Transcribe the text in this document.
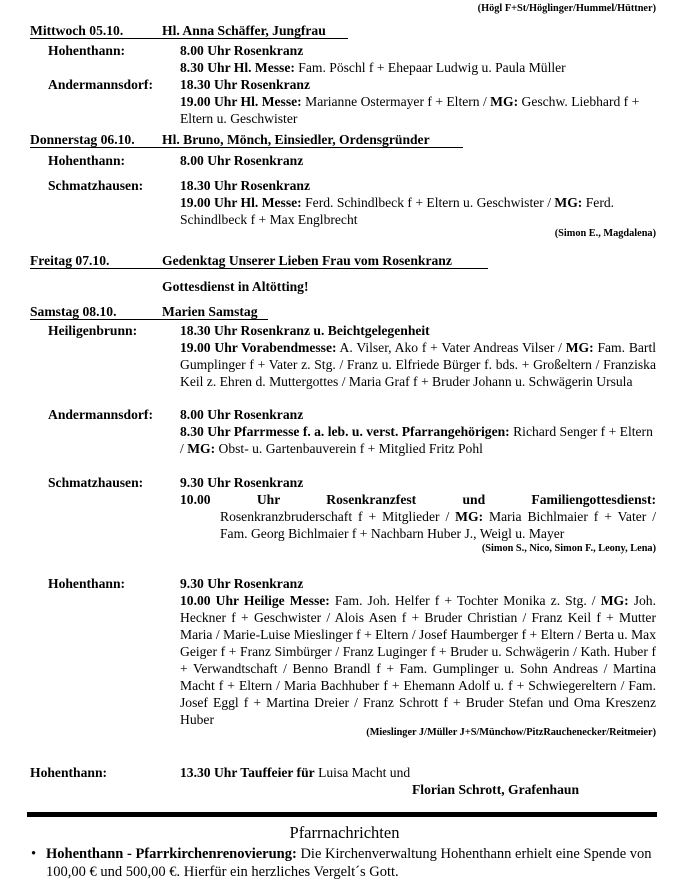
(Högl F+St/Höglinger/Hummel/Hüttner)
Mittwoch 05.10.	Hl. Anna Schäffer, Jungfrau
Hohenthann:	8.00 Uhr Rosenkranz
8.30 Uhr Hl. Messe: Fam. Pöschl f + Ehepaar Ludwig u. Paula Müller
Andermannsdorf: 18.30 Uhr Rosenkranz
19.00 Uhr Hl. Messe: Marianne Ostermayer f + Eltern / MG: Geschw. Liebhard f + Eltern u. Geschwister
Donnerstag 06.10. Hl. Bruno, Mönch, Einsiedler, Ordensgründer
Hohenthann:	8.00 Uhr Rosenkranz
Schmatzhausen:	18.30 Uhr Rosenkranz
19.00 Uhr Hl. Messe: Ferd. Schindlbeck f + Eltern u. Geschwister / MG: Ferd. Schindlbeck f + Max Englbrecht
(Simon E., Magdalena)
Freitag 07.10.	Gedenktag Unserer Lieben Frau vom Rosenkranz
Gottesdienst in Altötting!
Samstag 08.10.	Marien Samstag
Heiligenbrunn:	18.30 Uhr Rosenkranz u. Beichtgelegenheit
19.00 Uhr Vorabendmesse: A. Vilser, Ako f + Vater Andreas Vilser / MG: Fam. Bartl Gumplinger f + Vater z. Stg. / Franz u. Elfriede Bürger f. bds. + Großeltern / Franziska Keil z. Ehren d. Muttergottes / Maria Graf f + Bruder Johann u. Schwägerin Ursula
Andermannsdorf: 8.00 Uhr Rosenkranz
8.30 Uhr Pfarrmesse f. a. leb. u. verst. Pfarrangehörigen: Richard Senger f + Eltern / MG: Obst- u. Gartenbauverein f + Mitglied Fritz Pohl
Schmatzhausen:	9.30 Uhr Rosenkranz
10.00 Uhr Rosenkranzfest und Familiengottesdienst:
Rosenkranzbruderschaft f + Mitglieder / MG: Maria Bichlmaier f + Vater / Fam. Georg Bichlmaier f + Nachbarn Huber J., Weigl u. Mayer
(Simon S., Nico, Simon F., Leony, Lena)
Hohenthann:	9.30 Uhr Rosenkranz
10.00 Uhr Heilige Messe: Fam. Joh. Helfer f + Tochter Monika z. Stg. / MG: Joh. Heckner f + Geschwister / Alois Asen f + Bruder Christian / Franz Keil f + Mutter Maria / Marie-Luise Mieslinger f + Eltern / Josef Haumberger f + Eltern / Berta u. Max Geiger f + Franz Simbürger / Franz Luginger f + Bruder u. Schwägerin / Kath. Huber f + Verwandtschaft / Benno Brandl f + Fam. Gumplinger u. Sohn Andreas / Martina Macht f + Eltern / Maria Bachhuber f + Ehemann Adolf u. f + Schwiegereltern / Fam. Josef Eggl f + Martina Dreier / Franz Schrott f + Bruder Stefan und Oma Kreszenz Huber
(Mieslinger J/Müller J+S/Münchow/PitzRauchenecker/Reitmeier)
Hohenthann:	13.30 Uhr Tauffeier für Luisa Macht und
Florian Schrott, Grafenhaun
Pfarrnachrichten
• Hohenthann - Pfarrkirchenrenovierung: Die Kirchenverwaltung Hohenthann erhielt eine Spende von 100,00 € und 500,00 €. Hierfür ein herzliches Vergelt´s Gott.
